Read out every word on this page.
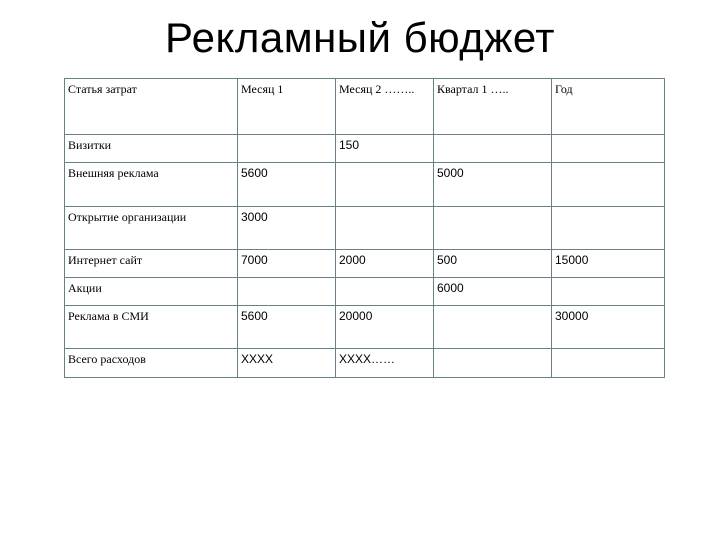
Рекламный бюджет
Статья затрат	Месяц 1	Месяц 2 ……..	Квартал 1 …..	Год
Визитки		150		
Внешняя реклама	5600		5000	
Открытие организации	3000			
Интернет сайт	7000	2000	500	15000
Акции			6000	
Реклама в СМИ	5600	20000		30000
Всего расходов	XXXX	XXXX……		
